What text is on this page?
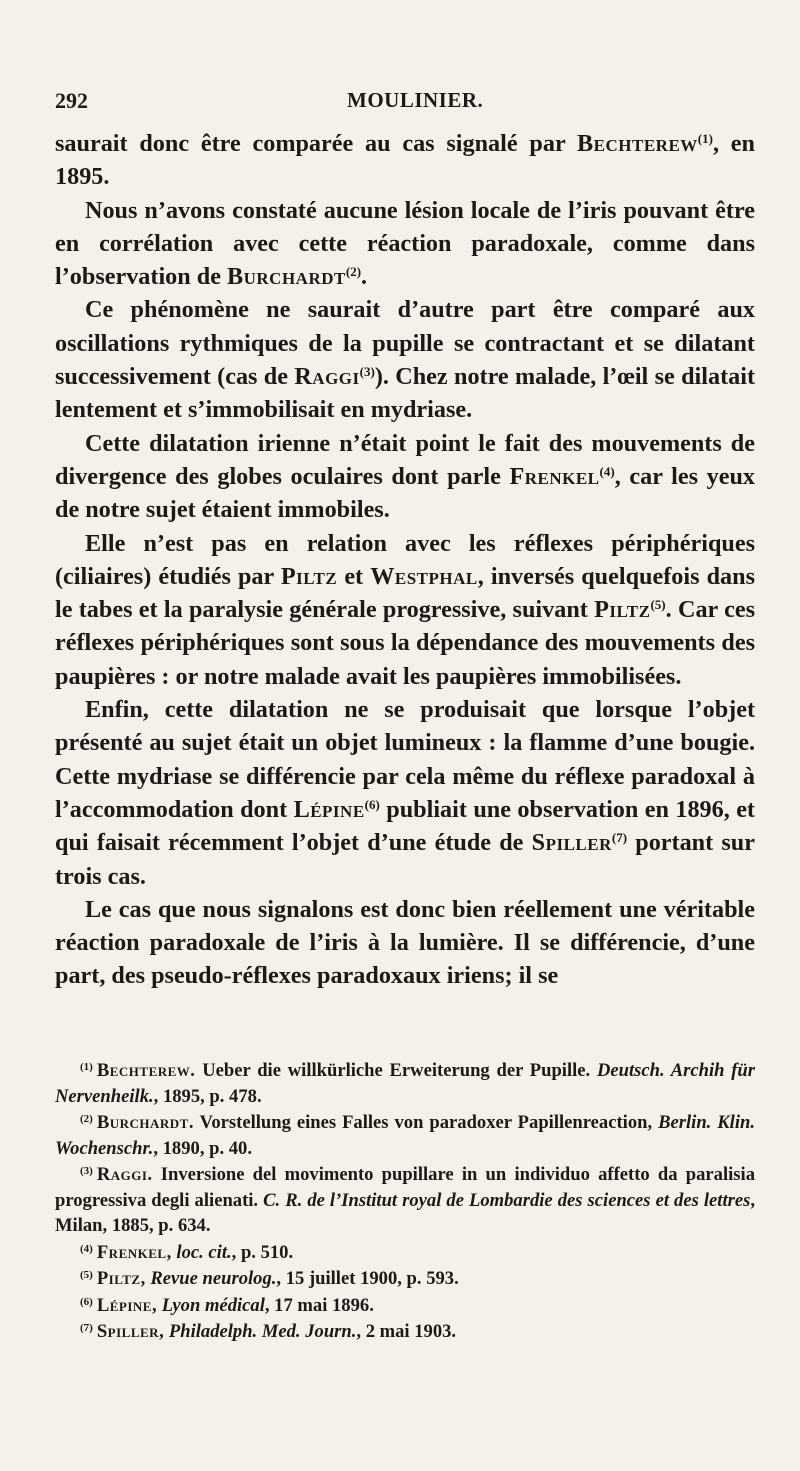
292	MOULINIER.

saurait donc être comparée au cas signalé par Bechterew$^{(1)}$, en 1895.

Nous n’avons constaté aucune lésion locale de l’iris pouvant être en corrélation avec cette réaction paradoxale, comme dans l’observation de Burchardt$^{(2)}$.

Ce phénomène ne saurait d’autre part être comparé aux oscillations rythmiques de la pupille se contractant et se dilatant successivement (cas de Raggi$^{(3)}$). Chez notre malade, l’œil se dilatait lentement et s’immobilisait en mydriase.

Cette dilatation irienne n’était point le fait des mouvements de divergence des globes oculaires dont parle Frenkel$^{(4)}$, car les yeux de notre sujet étaient immobiles.

Elle n’est pas en relation avec les réflexes périphériques (ciliaires) étudiés par Piltz et Westphal, inversés quelquefois dans le tabes et la paralysie générale progressive, suivant Piltz$^{(5)}$. Car ces réflexes périphériques sont sous la dépendance des mouvements des paupières : or notre malade avait les paupières immobilisées.

Enfin, cette dilatation ne se produisait que lorsque l’objet présenté au sujet était un objet lumineux : la flamme d’une bougie. Cette mydriase se différencie par cela même du réflexe paradoxal à l’accommodation dont Lépine$^{(6)}$ publiait une observation en 1896, et qui faisait récemment l’objet d’une étude de Spiller$^{(7)}$ portant sur trois cas.

Le cas que nous signalons est donc bien réellement une véritable réaction paradoxale de l’iris à la lumière. Il se différencie, d’une part, des pseudo-réflexes paradoxaux iriens; il se

$^{(1)}$ Bechterew. Ueber die willkürliche Erweiterung der Pupille. Deutsch. Archih für Nervenheilk., 1895, p. 478.

$^{(2)}$ Burchardt. Vorstellung eines Falles von paradoxer Papillenreaction, Berlin. Klin. Wochenschr., 1890, p. 40.

$^{(3)}$ Raggi. Inversione del movimento pupillare in un individuo affetto da paralisia progressiva degli alienati. C. R. de l’Institut royal de Lombardie des sciences et des lettres, Milan, 1885, p. 634.

$^{(4)}$ Frenkel, loc. cit., p. 510.

$^{(5)}$ Piltz, Revue neurolog., 15 juillet 1900, p. 593.

$^{(6)}$ Lépine, Lyon médical, 17 mai 1896.

$^{(7)}$ Spiller, Philadelph. Med. Journ., 2 mai 1903.
